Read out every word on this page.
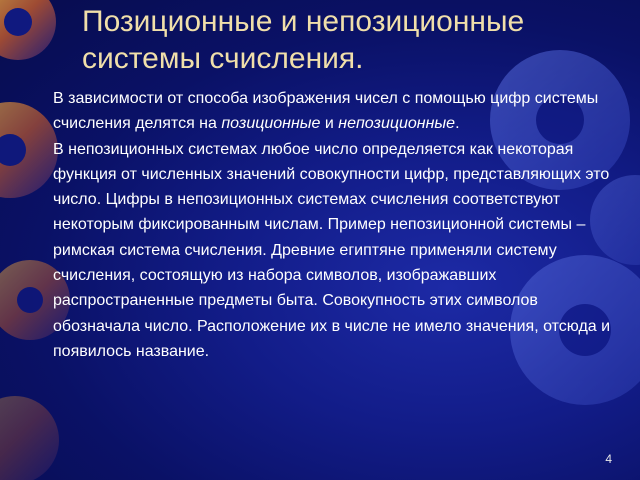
Позиционные и непозиционные системы счисления.

В зависимости от способа изображения чисел с помощью цифр системы счисления делятся на позиционные и непозиционные.

В непозиционных системах любое число определяется как некоторая функция от численных значений совокупности цифр, представляющих это число. Цифры в непозиционных системах счисления соответствуют некоторым фиксированным числам. Пример непозиционной системы – римская система счисления. Древние египтяне применяли систему счисления, состоящую из набора символов, изображавших распространенные предметы быта. Совокупность этих символов обозначала число. Расположение их в числе не имело значения, отсюда и появилось название.

4
